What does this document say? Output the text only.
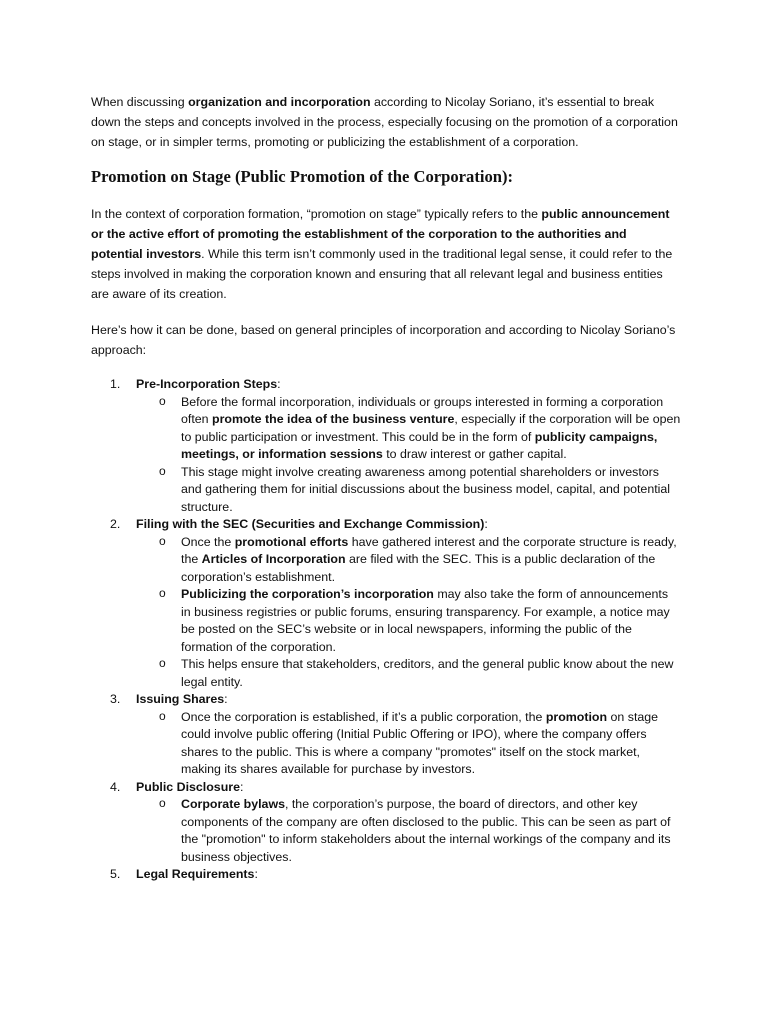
When discussing organization and incorporation according to Nicolay Soriano, it’s essential to break down the steps and concepts involved in the process, especially focusing on the promotion of a corporation on stage, or in simpler terms, promoting or publicizing the establishment of a corporation.

Promotion on Stage (Public Promotion of the Corporation):

In the context of corporation formation, “promotion on stage” typically refers to the public announcement or the active effort of promoting the establishment of the corporation to the authorities and potential investors. While this term isn’t commonly used in the traditional legal sense, it could refer to the steps involved in making the corporation known and ensuring that all relevant legal and business entities are aware of its creation.

Here’s how it can be done, based on general principles of incorporation and according to Nicolay Soriano’s approach:

1.	Pre-Incorporation Steps:
o Before the formal incorporation, individuals or groups interested in forming a corporation often promote the idea of the business venture, especially if the corporation will be open to public participation or investment. This could be in the form of publicity campaigns, meetings, or information sessions to draw interest or gather capital.
o This stage might involve creating awareness among potential shareholders or investors and gathering them for initial discussions about the business model, capital, and potential structure.
2.	Filing with the SEC (Securities and Exchange Commission):
o Once the promotional efforts have gathered interest and the corporate structure is ready, the Articles of Incorporation are filed with the SEC. This is a public declaration of the corporation’s establishment.
o Publicizing the corporation’s incorporation may also take the form of announcements in business registries or public forums, ensuring transparency. For example, a notice may be posted on the SEC’s website or in local newspapers, informing the public of the formation of the corporation.
o This helps ensure that stakeholders, creditors, and the general public know about the new legal entity.
3.	Issuing Shares:
o Once the corporation is established, if it’s a public corporation, the promotion on stage could involve public offering (Initial Public Offering or IPO), where the company offers shares to the public. This is where a company "promotes" itself on the stock market, making its shares available for purchase by investors.
4.	Public Disclosure:
o Corporate bylaws, the corporation’s purpose, the board of directors, and other key components of the company are often disclosed to the public. This can be seen as part of the "promotion" to inform stakeholders about the internal workings of the company and its business objectives.
5.	Legal Requirements:
